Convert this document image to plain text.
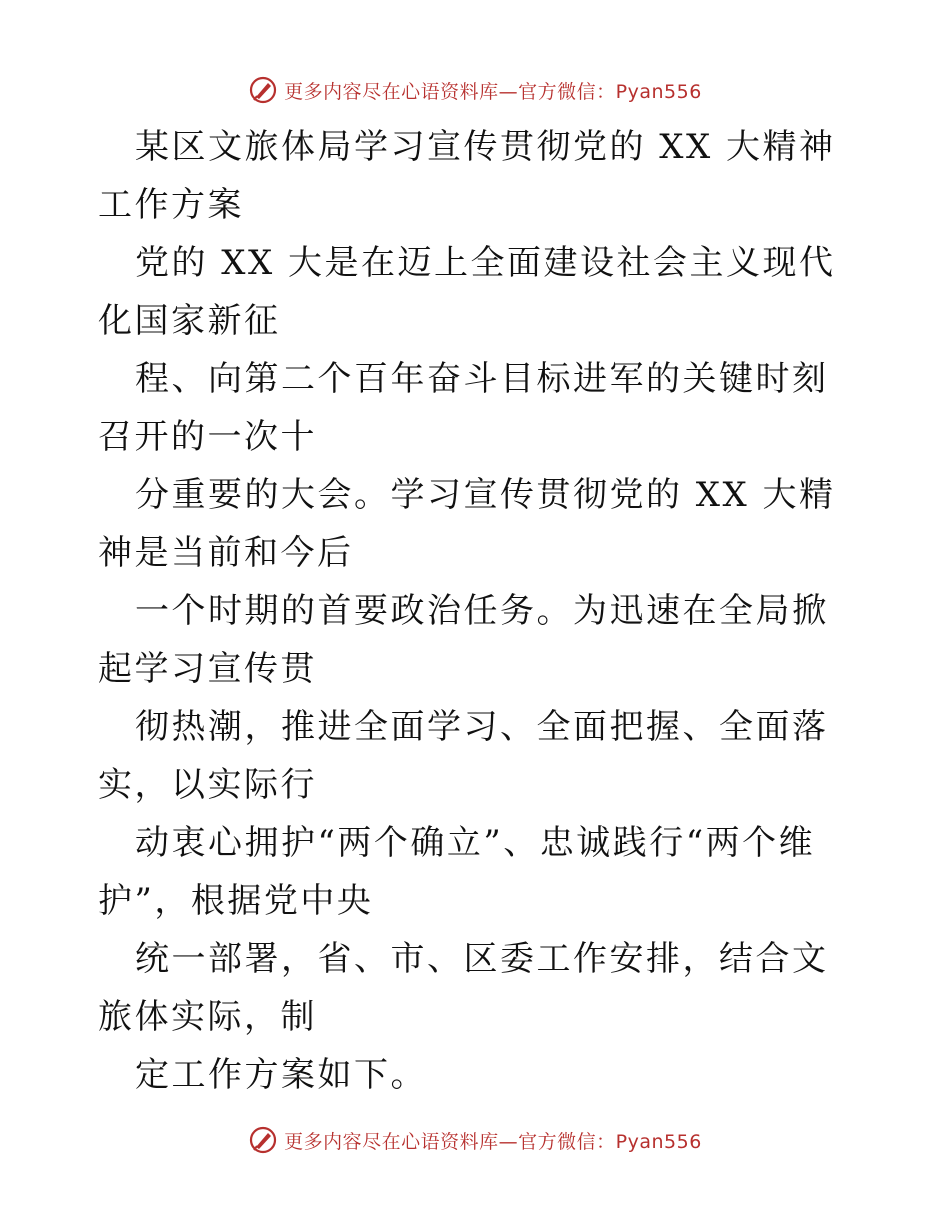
更多内容尽在心语资料库—官方微信：Pyan556

某区文旅体局学习宣传贯彻党的 XX 大精神工作方案

党的 XX 大是在迈上全面建设社会主义现代化国家新征

程、向第二个百年奋斗目标进军的关键时刻召开的一次十

分重要的大会。学习宣传贯彻党的 XX 大精神是当前和今后

一个时期的首要政治任务。为迅速在全局掀起学习宣传贯

彻热潮，推进全面学习、全面把握、全面落实，以实际行

动衷心拥护“两个确立”、忠诚践行“两个维护”，根据党中央

统一部署，省、市、区委工作安排，结合文旅体实际，制

定工作方案如下。

更多内容尽在心语资料库—官方微信：Pyan556
